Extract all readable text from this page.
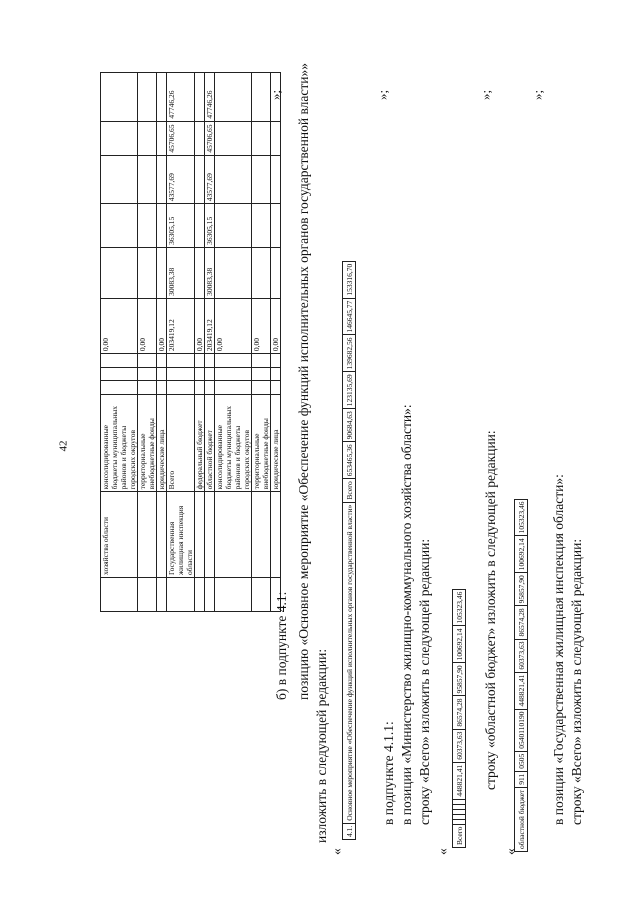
42
	хозяйства области	консолидированные бюджеты муниципальных районов и бюджеты городских округов				0,00					
		территориальные внебюджетные фонды				0,00					
		юридические лица				0,00					
	Государственная жилищная инспекция области	Всего				203419,12	30083,38	36305,15	43577,69	45706,65	47746,26
		федеральный бюджет				0,00					
		областной бюджет				203419,12	30083,38	36305,15	43577,69	45706,65	47746,26
		консолидированные бюджеты муниципальных районов и бюджеты городских округов				0,00					
		территориальные внебюджетные фонды				0,00					
		юридические лица				0,00					
»;
б) в подпункте 4.1: позицию «Основное мероприятие «Обеспечение функций исполнительных органов государственной власти»»
изложить в следующей редакции:
«
4.1.	Основное мероприятие «Обеспечение функций исполнительных органов государственной власти»	Всего	653465,36	90684,63	123135,69	139682,56	146645,77	153316,70
»;
в подпункте 4.1.1: в позиции «Министерство жилищно-коммунального хозяйства области»: строку «Всего» изложить в следующей редакции:
«
Всего						448821,41	60373,63	86574,28	95857,90	100692,14	105323,46
»;
строку «областной бюджет» изложить в следующей редакции:
«
областной бюджет	911	0505	0540110190	448821,41	60373,63	86574,28	95857,90	100692,14	105323,46
»;
в позиции «Государственная жилищная инспекция области»: строку «Всего» изложить в следующей редакции:
